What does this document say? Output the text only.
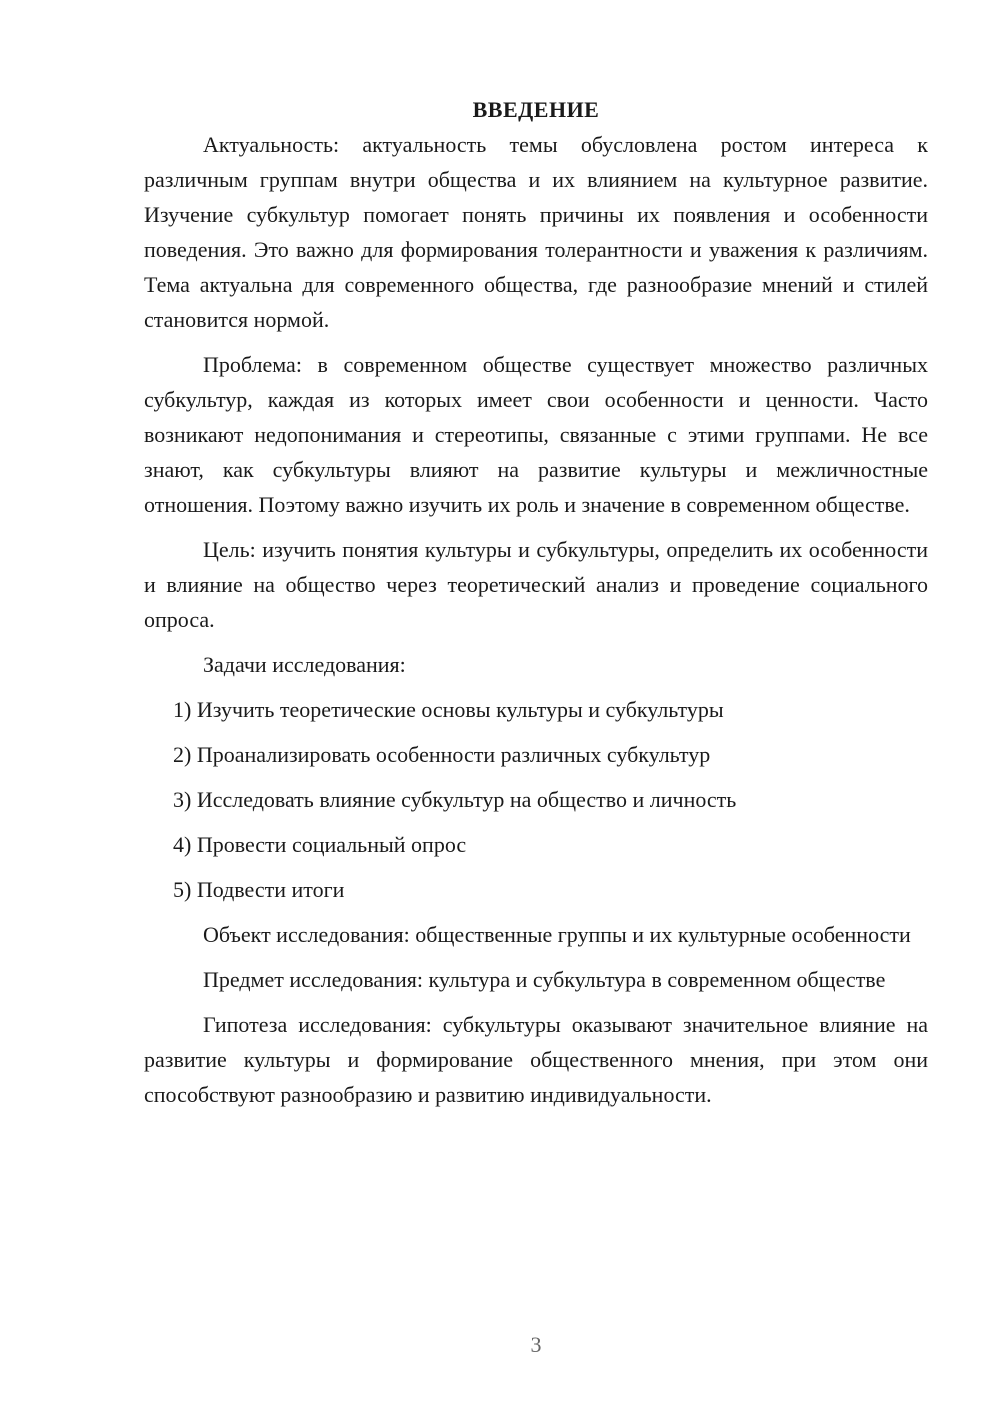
ВВЕДЕНИЕ

Актуальность: актуальность темы обусловлена ростом интереса к различным группам внутри общества и их влиянием на культурное развитие. Изучение субкультур помогает понять причины их появления и особенности поведения. Это важно для формирования толерантности и уважения к различиям. Тема актуальна для современного общества, где разнообразие мнений и стилей становится нормой.

Проблема: в современном обществе существует множество различных субкультур, каждая из которых имеет свои особенности и ценности. Часто возникают недопонимания и стереотипы, связанные с этими группами. Не все знают, как субкультуры влияют на развитие культуры и межличностные отношения. Поэтому важно изучить их роль и значение в современном обществе.

Цель: изучить понятия культуры и субкультуры, определить их особенности и влияние на общество через теоретический анализ и проведение социального опроса.

Задачи исследования:

1) Изучить теоретические основы культуры и субкультуры
2) Проанализировать особенности различных субкультур
3) Исследовать влияние субкультур на общество и личность
4) Провести социальный опрос
5) Подвести итоги

Объект исследования: общественные группы и их культурные особенности

Предмет исследования: культура и субкультура в современном обществе

Гипотеза исследования: субкультуры оказывают значительное влияние на развитие культуры и формирование общественного мнения, при этом они способствуют разнообразию и развитию индивидуальности.

3
